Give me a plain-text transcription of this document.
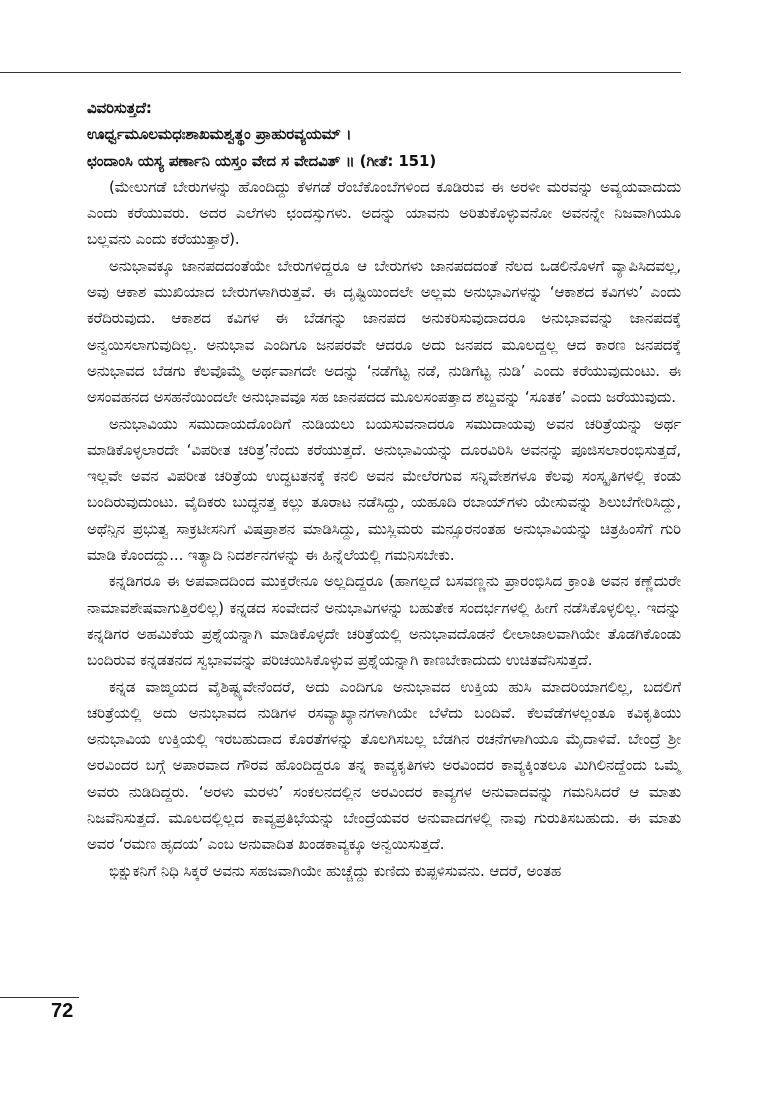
ವಿವರಿಸುತ್ತದೆ:
ಊರ್ಧ್ವಮೂಲಮಧಃಶಾಖಮಶ್ವತ್ಥಂ ಪ್ರಾಹುರವ್ಯಯಮ್ ।
ಛಂದಾಂಸಿ ಯಸ್ಯ ಪರ್ಣಾನಿ ಯಸ್ತಂ ವೇದ ಸ ವೇದವಿತ್ ॥ (ಗೀತೆ: 151)

(ಮೇಲುಗಡೆ ಬೇರುಗಳನ್ನು ಹೊಂದಿದ್ದು ಕೆಳಗಡೆ ರೆಂಬೆಕೊಂಬೆಗಳಿಂದ ಕೂಡಿರುವ ಈ ಅರಳೀ ಮರವನ್ನು ಅವ್ಯಯವಾದುದು ಎಂದು ಕರೆಯುವರು. ಅದರ ಎಲೆಗಳು ಛಂದಸ್ಸುಗಳು. ಅದನ್ನು ಯಾವನು ಅರಿತುಕೊಳ್ಳುವನೋ ಅವನನ್ನೇ ನಿಜವಾಗಿಯೂ ಬಲ್ಲವನು ಎಂದು ಕರೆಯುತ್ತಾರೆ).

ಅನುಭಾವಕ್ಕೂ ಜಾನಪದದಂತೆಯೇ ಬೇರುಗಳಿದ್ದರೂ ಆ ಬೇರುಗಳು ಜಾನಪದದಂತೆ ನೆಲದ ಒಡಲಿನೊಳಗೆ ವ್ಯಾಪಿಸಿದವಲ್ಲ, ಅವು ಆಕಾಶ ಮುಖಿಯಾದ ಬೇರುಗಳಾಗಿರುತ್ತವೆ. ಈ ದೃಷ್ಟಿಯಿಂದಲೇ ಅಲ್ಲಮ ಅನುಭಾವಿಗಳನ್ನು ‘ಆಕಾಶದ ಕವಿಗಳು’ ಎಂದು ಕರೆದಿರುವುದು. ಆಕಾಶದ ಕವಿಗಳ ಈ ಬೆಡಗನ್ನು ಜಾನಪದ ಅನುಕರಿಸುವುದಾದರೂ ಅನುಭಾವವನ್ನು ಜಾನಪದಕ್ಕೆ ಅನ್ವಯಿಸಲಾಗುವುದಿಲ್ಲ. ಅನುಭಾವ ಎಂದಿಗೂ ಜನಪರವೇ ಆದರೂ ಅದು ಜನಪದ ಮೂಲದ್ದಲ್ಲ ಆದ ಕಾರಣ ಜನಪದಕ್ಕೆ ಅನುಭಾವದ ಬೆಡಗು ಕೆಲವೊಮ್ಮೆ ಅರ್ಥವಾಗದೇ ಅದನ್ನು ‘ನಡೆಗೆಟ್ಟ ನಡೆ, ನುಡಿಗೆಟ್ಟ ನುಡಿ’ ಎಂದು ಕರೆಯುವುದುಂಟು. ಈ ಅಸಂವಹನದ ಅಸಹನೆಯಿಂದಲೇ ಅನುಭಾವವೂ ಸಹ ಜಾನಪದದ ಮೂಲಸಂಪತ್ತಾದ ಶಬ್ದವನ್ನು ‘ಸೂತಕ’ ಎಂದು ಜರೆಯುವುದು.

ಅನುಭಾವಿಯು ಸಮುದಾಯದೊಂದಿಗೆ ನುಡಿಯಲು ಬಯಸುವನಾದರೂ ಸಮುದಾಯವು ಅವನ ಚರಿತ್ರೆಯನ್ನು ಅರ್ಥ ಮಾಡಿಕೊಳ್ಳಲಾರದೇ ‘ವಿಪರೀತ ಚರಿತ್ರ’ನೆಂದು ಕರೆಯುತ್ತದೆ. ಅನುಭಾವಿಯನ್ನು ದೂರವಿರಿಸಿ ಅವನನ್ನು ಪೂಜಿಸಲಾರಂಭಿಸುತ್ತದೆ, ಇಲ್ಲವೇ ಅವನ ವಿಪರೀತ ಚರಿತ್ರೆಯ ಉದ್ಧಟತನಕ್ಕೆ ಕನಲಿ ಅವನ ಮೇಲೆರಗುವ ಸನ್ನಿವೇಶಗಳೂ ಕೆಲವು ಸಂಸ್ಕೃತಿಗಳಲ್ಲಿ ಕಂಡು ಬಂದಿರುವುದುಂಟು. ವೈದಿಕರು ಬುದ್ಧನತ್ತ ಕಲ್ಲು ತೂರಾಟ ನಡೆಸಿದ್ದು, ಯಹೂದಿ ರಬಾಯ್‌ಗಳು ಯೇಸುವನ್ನು ಶಿಲುಬೆಗೇರಿಸಿದ್ದು, ಅಥೆನ್ಸಿನ ಪ್ರಭುತ್ವ ಸಾಕ್ರಟೀಸನಿಗೆ ವಿಷಪ್ರಾಶನ ಮಾಡಿಸಿದ್ದು, ಮುಸ್ಲಿಮರು ಮನ್ಸೂರನಂತಹ ಅನುಭಾವಿಯನ್ನು ಚಿತ್ರಹಿಂಸೆಗೆ ಗುರಿ ಮಾಡಿ ಕೊಂದದ್ದು... ಇತ್ಯಾದಿ ನಿದರ್ಶನಗಳನ್ನು ಈ ಹಿನ್ನೆಲೆಯಲ್ಲಿ ಗಮನಿಸಬೇಕು.

ಕನ್ನಡಿಗರೂ ಈ ಅಪವಾದದಿಂದ ಮುಕ್ತರೇನೂ ಅಲ್ಲದಿದ್ದರೂ (ಹಾಗಲ್ಲದೆ ಬಸವಣ್ಣನು ಪ್ರಾರಂಭಿಸಿದ ಕ್ರಾಂತಿ ಅವನ ಕಣ್ಣೆದುರೇ ನಾಮಾವಶೇಷವಾಗುತ್ತಿರಲಿಲ್ಲ) ಕನ್ನಡದ ಸಂವೇದನೆ ಅನುಭಾವಿಗಳನ್ನು ಬಹುತೇಕ ಸಂದರ್ಭಗಳಲ್ಲಿ ಹೀಗೆ ನಡೆಸಿಕೊಳ್ಳಲಿಲ್ಲ. ಇದನ್ನು ಕನ್ನಡಿಗರ ಅಹಮಿಕೆಯ ಪ್ರಶ್ನೆಯನ್ನಾಗಿ ಮಾಡಿಕೊಳ್ಳದೇ ಚರಿತ್ರೆಯಲ್ಲಿ ಅನುಭಾವದೊಡನೆ ಲೀಲಾಜಾಲವಾಗಿಯೇ ತೊಡಗಿಕೊಂಡು ಬಂದಿರುವ ಕನ್ನಡತನದ ಸ್ವಭಾವವನ್ನು ಪರಿಚಯಿಸಿಕೊಳ್ಳುವ ಪ್ರಶ್ನೆಯನ್ನಾಗಿ ಕಾಣಬೇಕಾದುದು ಉಚಿತವೆನಿಸುತ್ತದೆ.

ಕನ್ನಡ ವಾಙ್ಮಯದ ವೈಶಿಷ್ಟ್ಯವೇನೆಂದರೆ, ಅದು ಎಂದಿಗೂ ಅನುಭಾವದ ಉಕ್ತಿಯ ಹುಸಿ ಮಾದರಿಯಾಗಲಿಲ್ಲ, ಬದಲಿಗೆ ಚರಿತ್ರೆಯಲ್ಲಿ ಅದು ಅನುಭಾವದ ನುಡಿಗಳ ರಸವ್ಯಾಖ್ಯಾನಗಳಾಗಿಯೇ ಬೆಳೆದು ಬಂದಿವೆ. ಕೆಲವೆಡೆಗಳಲ್ಲಂತೂ ಕವಿಕೃತಿಯು ಅನುಭಾವಿಯ ಉಕ್ತಿಯಲ್ಲಿ ಇರಬಹುದಾದ ಕೊರತೆಗಳನ್ನು ತೊಲಗಿಸಬಲ್ಲ ಬೆಡಗಿನ ರಚನೆಗಳಾಗಿಯೂ ಮೈದಾಳಿವೆ. ಬೇಂದ್ರೆ ಶ್ರೀ ಅರವಿಂದರ ಬಗ್ಗೆ ಅಪಾರವಾದ ಗೌರವ ಹೊಂದಿದ್ದರೂ ತನ್ನ ಕಾವ್ಯಕೃತಿಗಳು ಅರವಿಂದರ ಕಾವ್ಯಕ್ಕಿಂತಲೂ ಮಿಗಿಲಿನದ್ದೆಂದು ಒಮ್ಮೆ ಅವರು ನುಡಿದಿದ್ದರು. ‘ಅರಳು ಮರಳು’ ಸಂಕಲನದಲ್ಲಿನ ಅರವಿಂದರ ಕಾವ್ಯಗಳ ಅನುವಾದವನ್ನು ಗಮನಿಸಿದರೆ ಆ ಮಾತು ನಿಜವೆನಿಸುತ್ತದೆ. ಮೂಲದಲ್ಲಿಲ್ಲದ ಕಾವ್ಯಪ್ರತಿಭೆಯನ್ನು ಬೇಂದ್ರೆಯವರ ಅನುವಾದಗಳಲ್ಲಿ ನಾವು ಗುರುತಿಸಬಹುದು. ಈ ಮಾತು ಅವರ ‘ರಮಣ ಹೃದಯ’ ಎಂಬ ಅನುವಾದಿತ ಖಂಡಕಾವ್ಯಕ್ಕೂ ಅನ್ವಯಿಸುತ್ತದೆ.

ಭಿಕ್ಷುಕನಿಗೆ ನಿಧಿ ಸಿಕ್ಕರೆ ಅವನು ಸಹಜವಾಗಿಯೇ ಹುಚ್ಚೆದ್ದು ಕುಣಿದು ಕುಪ್ಪಳಿಸುವನು. ಆದರೆ, ಅಂತಹ

72
